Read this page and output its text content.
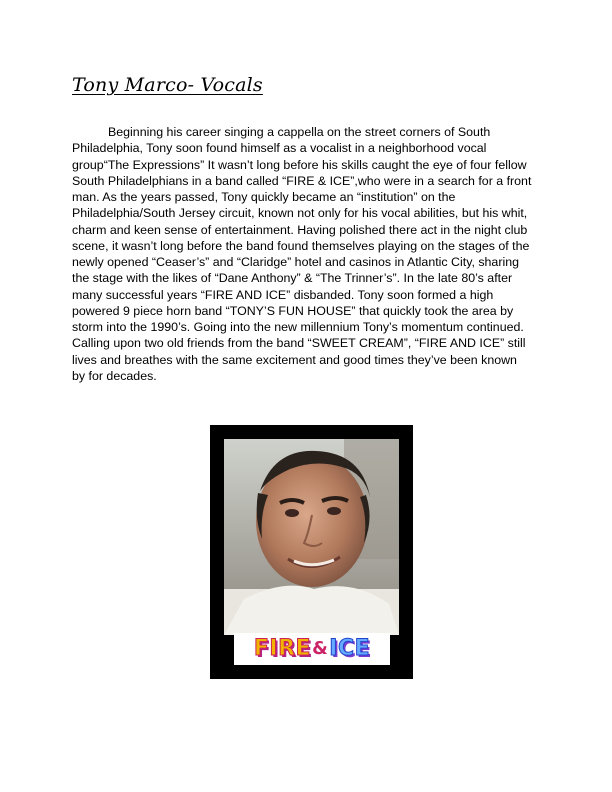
Tony Marco- Vocals

Beginning his career singing a cappella on the street corners of South Philadelphia, Tony soon found himself as a vocalist in a neighborhood vocal group“The Expressions” It wasn’t long before his skills caught the eye of four fellow South Philadelphians in a band called “FIRE & ICE”,who were in a search for a front man. As the years passed, Tony quickly became an “institution” on the Philadelphia/South Jersey circuit, known not only for his vocal abilities, but his whit, charm and keen sense of entertainment. Having polished there act in the night club scene, it wasn’t long before the band found themselves playing on the stages of the newly opened “Ceaser’s” and “Claridge” hotel and casinos in Atlantic City, sharing the stage with the likes of “Dane Anthony” & “The Trinner’s”. In the late 80’s after many successful years “FIRE AND ICE” disbanded. Tony soon formed a high powered 9 piece horn band “TONY’S FUN HOUSE” that quickly took the area by storm into the 1990’s. Going into the new millennium Tony’s momentum continued. Calling upon two old friends from the band “SWEET CREAM”, “FIRE AND ICE” still lives and breathes with the same excitement and good times they’ve been known by for decades.

FIRE & ICE
